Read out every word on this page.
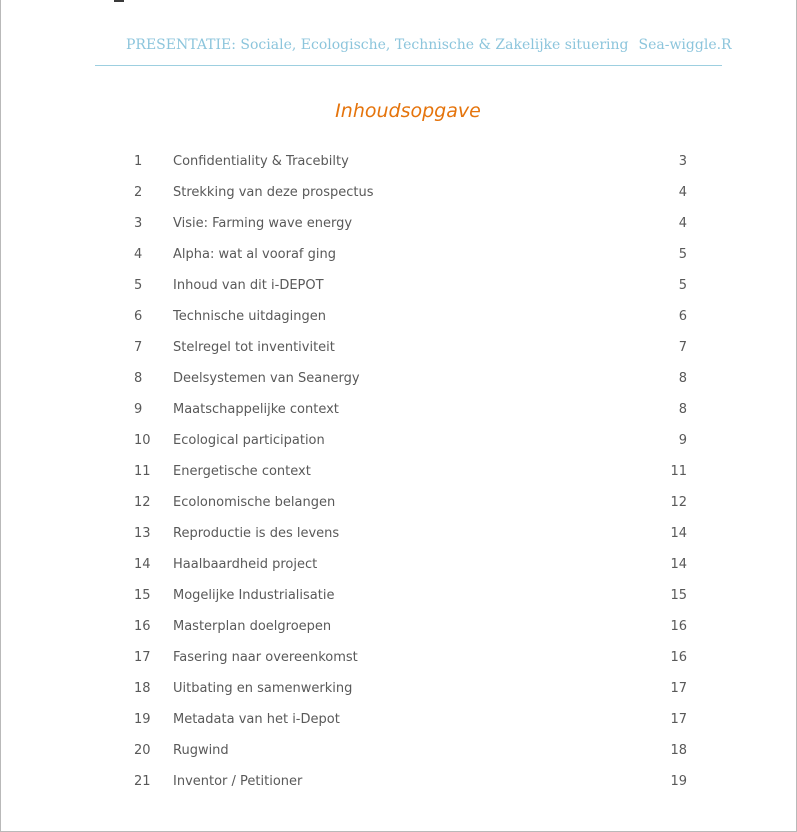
PRESENTATIE: Sociale, Ecologische, Technische & Zakelijke situering Sea-wiggle.R
Inhoudsopgave
1	Confidentiality & Tracebilty	3
2	Strekking van deze prospectus	4
3	Visie: Farming wave energy	4
4	Alpha: wat al vooraf ging	5
5	Inhoud van dit i-DEPOT	5
6	Technische uitdagingen	6
7	Stelregel tot inventiviteit	7
8	Deelsystemen van Seanergy	8
9	Maatschappelijke context	8
10	Ecological participation	9
11	Energetische context	11
12	Ecolonomische belangen	12
13	Reproductie is des levens	14
14	Haalbaardheid project	14
15	Mogelijke Industrialisatie	15
16	Masterplan doelgroepen	16
17	Fasering naar overeenkomst	16
18	Uitbating en samenwerking	17
19	Metadata van het i-Depot	17
20	Rugwind	18
21	Inventor / Petitioner	19
